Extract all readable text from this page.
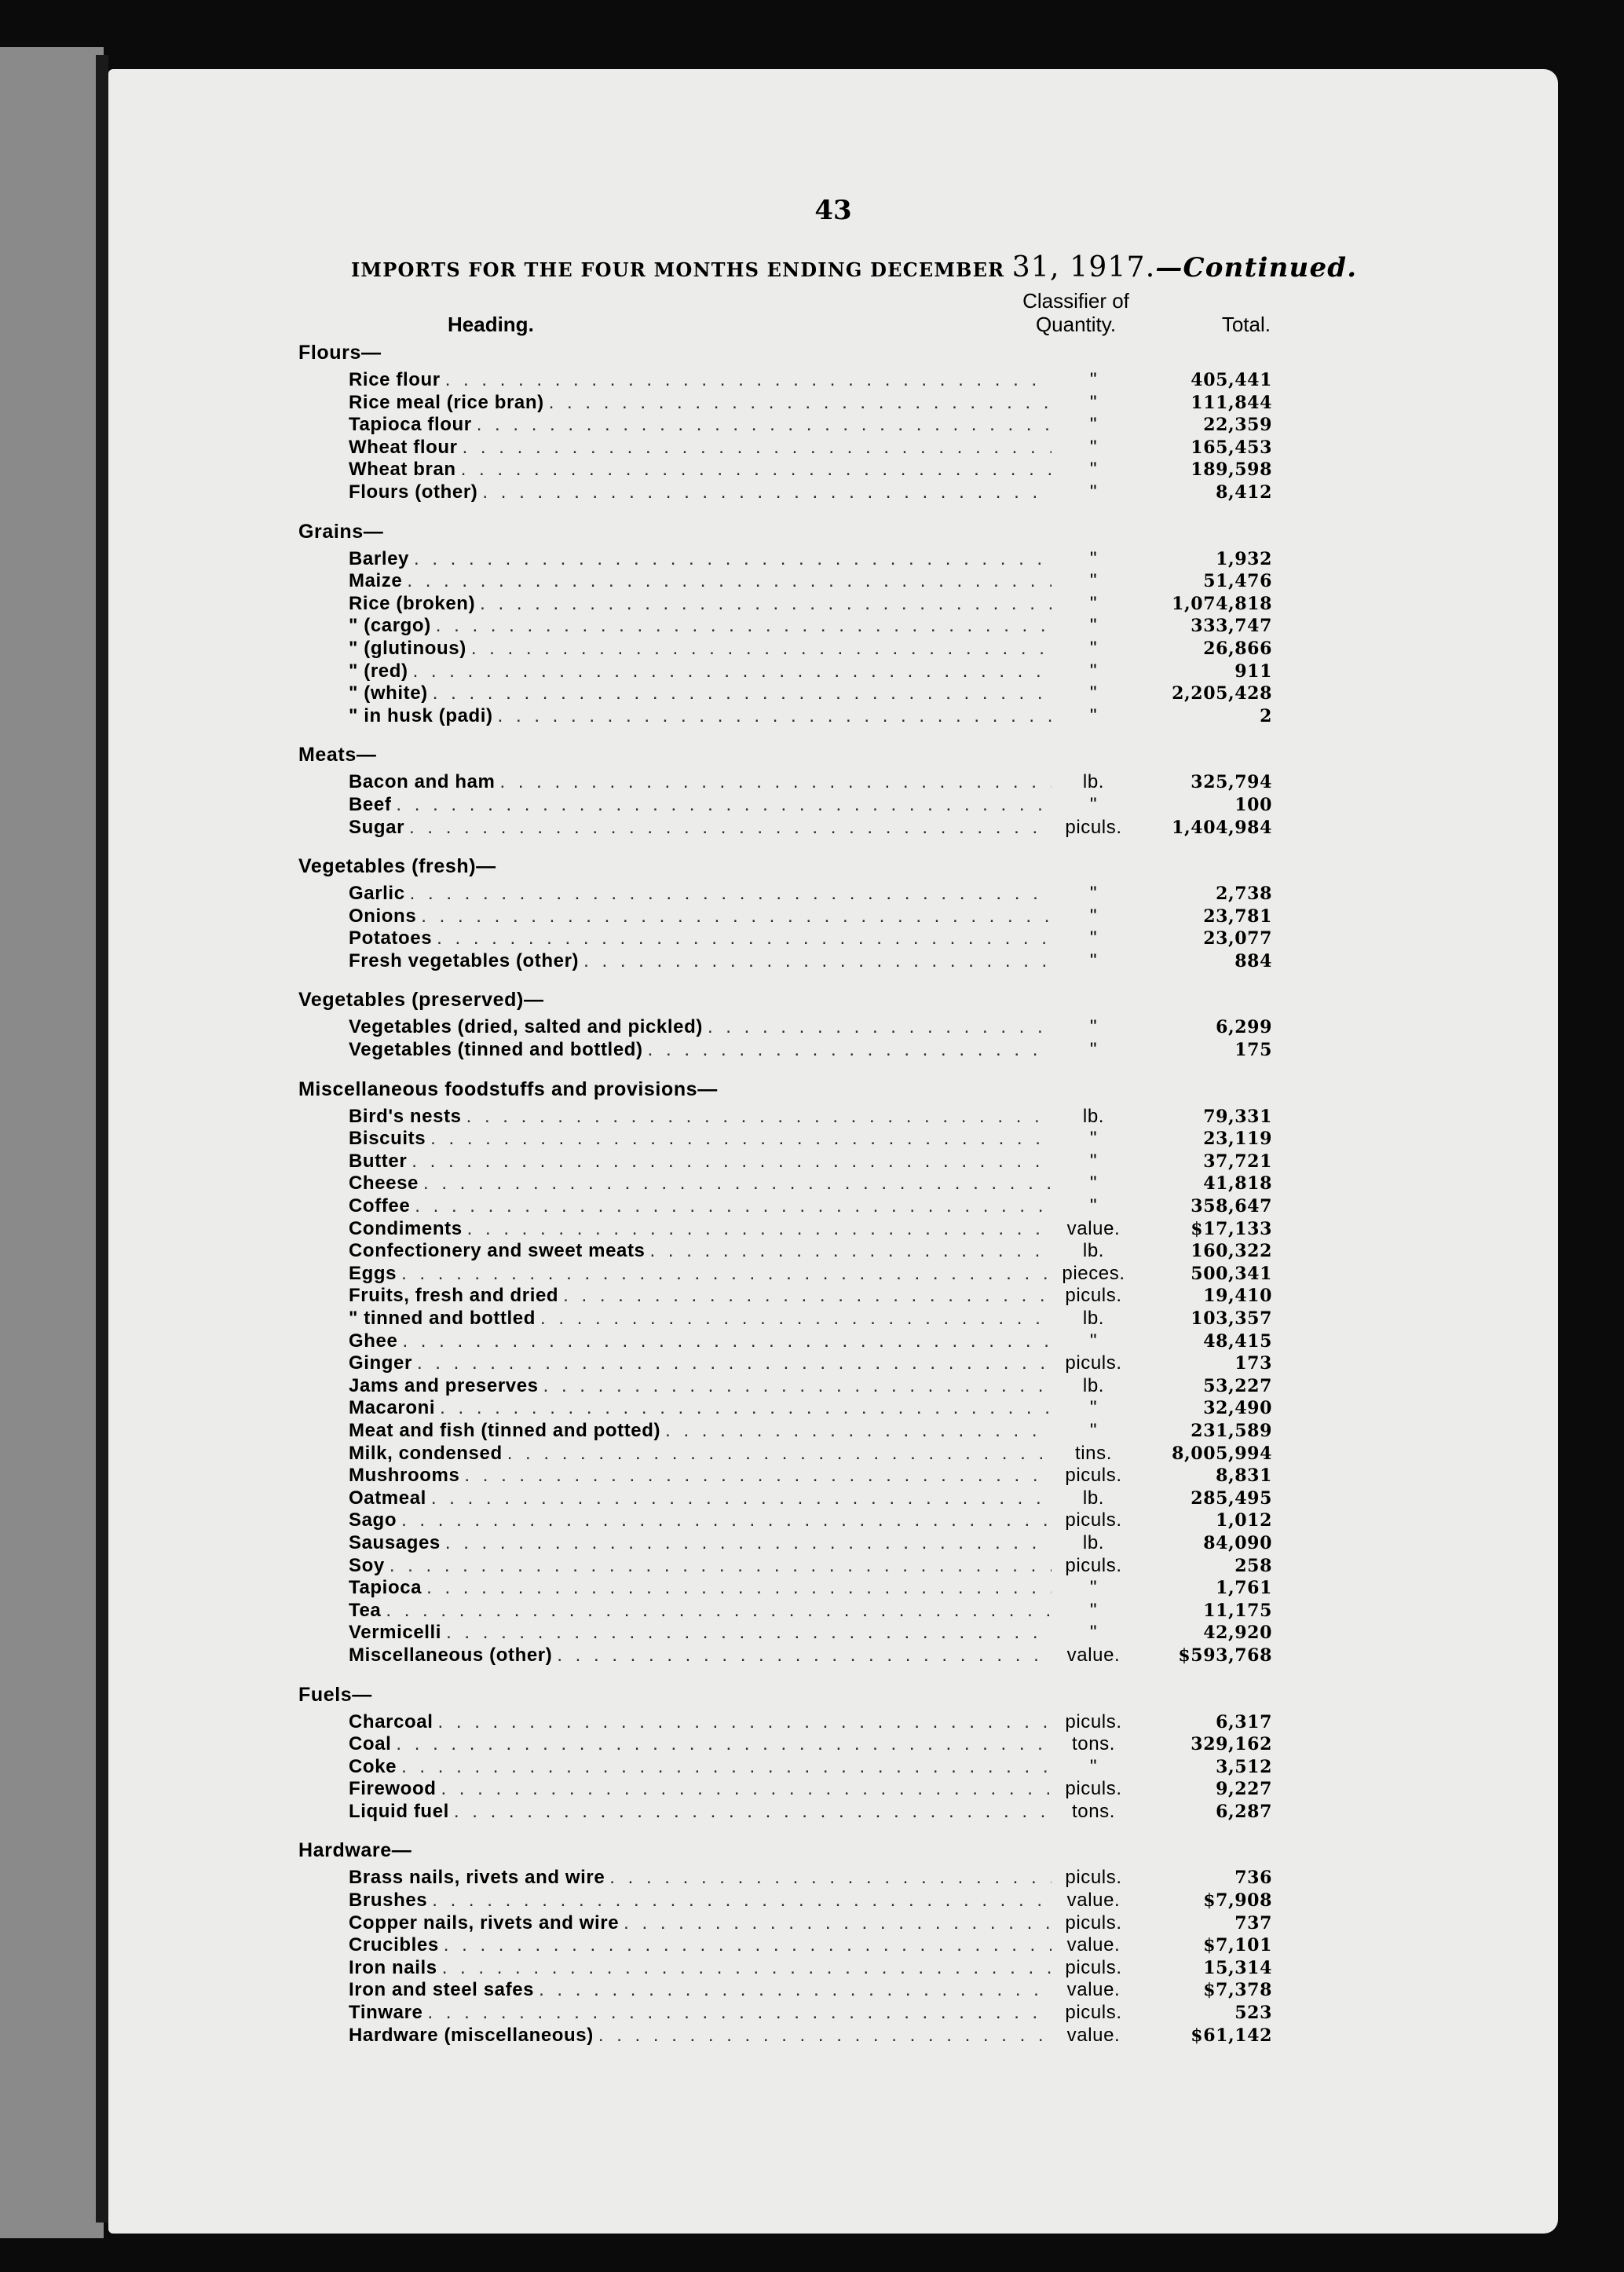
43
IMPORTS FOR THE FOUR MONTHS ENDING DECEMBER 31, 1917.—Continued.
Classifier of
Quantity.
Heading.	Total.
Flours—
Rice flour . . .	"	405,441
Rice meal (rice bran) . . .	"	111,844
Tapioca flour . . .	"	22,359
Wheat flour . . .	"	165,453
Wheat bran . . .	"	189,598
Flours (other) . . .	"	8,412
Grains—
Barley . . .	"	1,932
Maize . . .	"	51,476
Rice (broken) . . .	"	1,074,818
" (cargo) . . .	"	333,747
" (glutinous) . . .	"	26,866
" (red) . . .	"	911
" (white) . . .	"	2,205,428
" in husk (padi) . . .	"	2
Meats—
Bacon and ham . . .	lb.	325,794
Beef . . .	"	100
Sugar . . .	piculs.	1,404,984
Vegetables (fresh)—
Garlic . . .	"	2,738
Onions . . .	"	23,781
Potatoes . . .	"	23,077
Fresh vegetables (other) . . .	"	884
Vegetables (preserved)—
Vegetables (dried, salted and pickled) . . .	"	6,299
Vegetables (tinned and bottled) . . .	"	175
Miscellaneous foodstuffs and provisions—
Bird's nests . . .	lb.	79,331
Biscuits . . .	"	23,119
Butter . . .	"	37,721
Cheese . . .	"	41,818
Coffee . . .	"	358,647
Condiments . . .	value.	$17,133
Confectionery and sweet meats . . .	lb.	160,322
Eggs . . .	pieces.	500,341
Fruits, fresh and dried . . .	piculs.	19,410
" tinned and bottled . . .	lb.	103,357
Ghee . . .	"	48,415
Ginger . . .	piculs.	173
Jams and preserves . . .	lb.	53,227
Macaroni . . .	"	32,490
Meat and fish (tinned and potted) . . .	"	231,589
Milk, condensed . . .	tins.	8,005,994
Mushrooms . . .	piculs.	8,831
Oatmeal . . .	lb.	285,495
Sago . . .	piculs.	1,012
Sausages . . .	lb.	84,090
Soy . . .	piculs.	258
Tapioca . . .	"	1,761
Tea . . .	"	11,175
Vermicelli . . .	"	42,920
Miscellaneous (other) . . .	value.	$593,768
Fuels—
Charcoal . . .	piculs.	6,317
Coal . . .	tons.	329,162
Coke . . .	"	3,512
Firewood . . .	piculs.	9,227
Liquid fuel . . .	tons.	6,287
Hardware—
Brass nails, rivets and wire . . .	piculs.	736
Brushes . . .	value.	$7,908
Copper nails, rivets and wire . . .	piculs.	737
Crucibles . . .	value.	$7,101
Iron nails . . .	piculs.	15,314
Iron and steel safes . . .	value.	$7,378
Tinware . . .	piculs.	523
Hardware (miscellaneous) . . .	value.	$61,142
